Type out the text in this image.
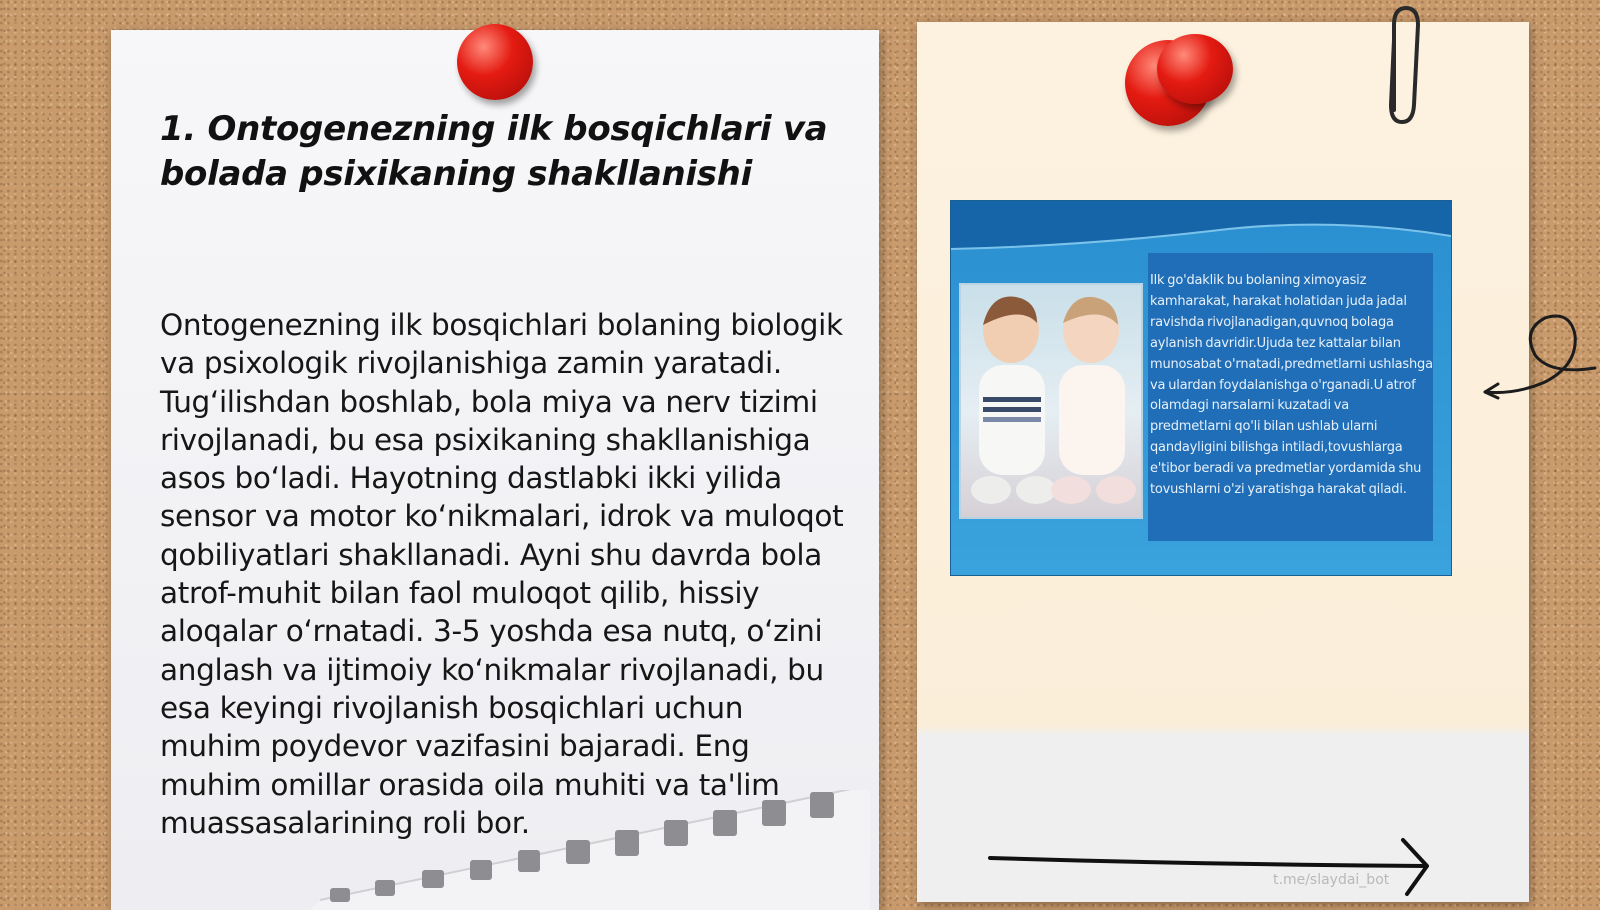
1. Ontogenezning ilk bosqichlari va bolada psixikaning shakllanishi

Ontogenezning ilk bosqichlari bolaning biologik va psixologik rivojlanishiga zamin yaratadi. Tug‘ilishdan boshlab, bola miya va nerv tizimi rivojlanadi, bu esa psixikaning shakllanishiga asos bo‘ladi. Hayotning dastlabki ikki yilida sensor va motor ko‘nikmalari, idrok va muloqot qobiliyatlari shakllanadi. Ayni shu davrda bola atrof-muhit bilan faol muloqot qilib, hissiy aloqalar o‘rnatadi. 3-5 yoshda esa nutq, o‘zini anglash va ijtimoiy ko‘nikmalar rivojlanadi, bu esa keyingi rivojlanish bosqichlari uchun muhim poydevor vazifasini bajaradi. Eng muhim omillar orasida oila muhiti va ta'lim muassasalarining roli bor.

Ilk go'daklik bu bolaning ximoyasiz kamharakat, harakat holatidan juda jadal ravishda rivojlanadigan,quvnoq bolaga aylanish davridir.Ujuda tez kattalar bilan munosabat o'rnatadi,predmetlarni ushlashga va ulardan foydalanishga o'rganadi.U atrof olamdagi narsalarni kuzatadi va predmetlarni qo'li bilan ushlab ularni qandayligini bilishga intiladi,tovushlarga e'tibor beradi va predmetlar yordamida shu tovushlarni o'zi yaratishga harakat qiladi.

t.me/slaydai_bot
